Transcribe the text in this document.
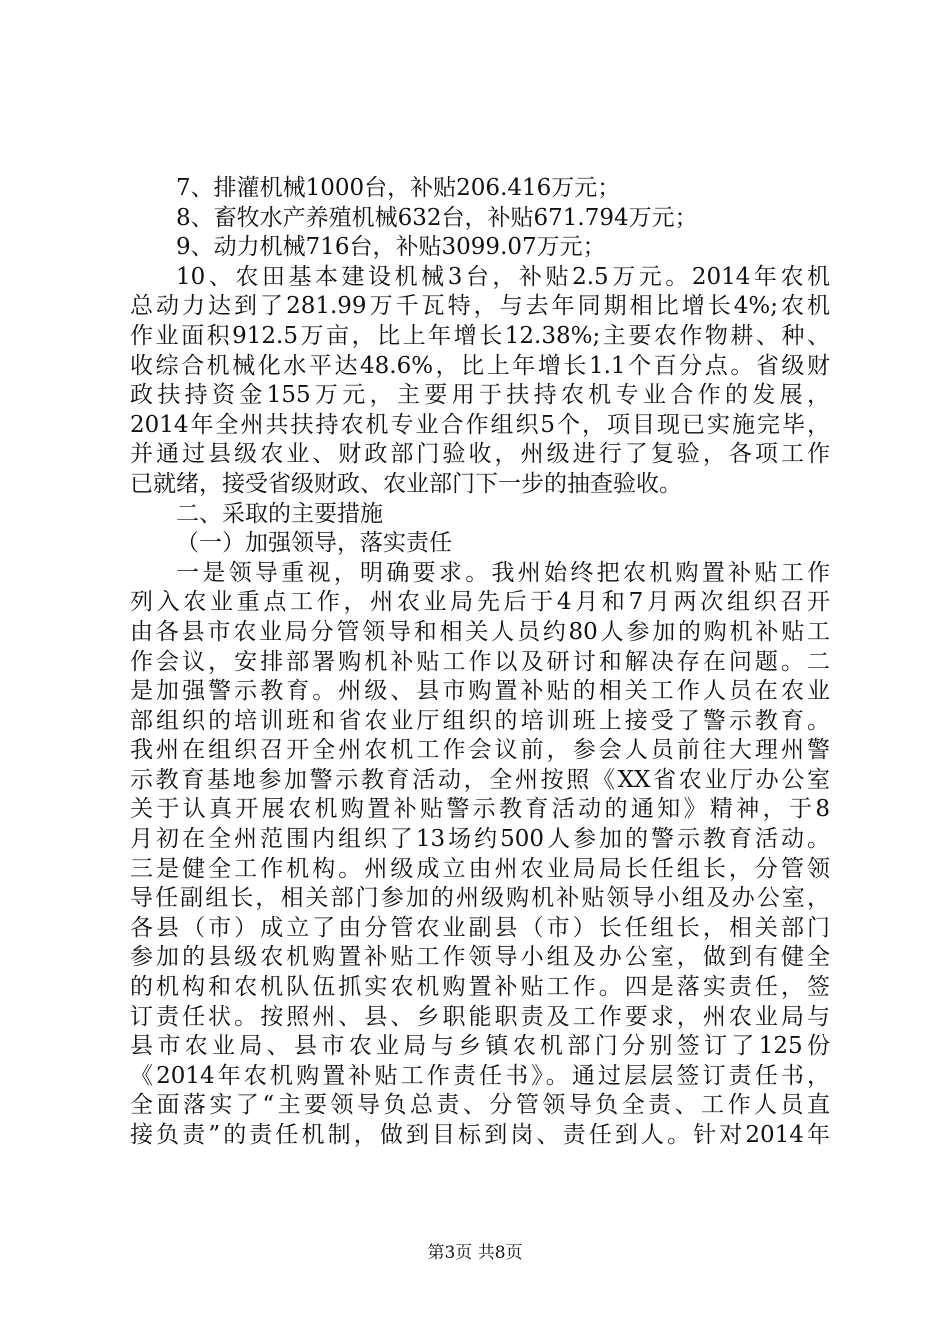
7、排灌机械1000台，补贴206.416万元；
8、畜牧水产养殖机械632台，补贴671.794万元；
9、动力机械716台，补贴3099.07万元；
10、农田基本建设机械3台，补贴2.5万元。2014年农机
总动力达到了281.99万千瓦特，与去年同期相比增长4%;农机
作业面积912.5万亩，比上年增长12.38%;主要农作物耕、种、
收综合机械化水平达48.6%，比上年增长1.1个百分点。省级财
政扶持资金155万元，主要用于扶持农机专业合作的发展，
2014年全州共扶持农机专业合作组织5个，项目现已实施完毕，
并通过县级农业、财政部门验收，州级进行了复验，各项工作
已就绪，接受省级财政、农业部门下一步的抽查验收。
二、采取的主要措施
（一）加强领导，落实责任
一是领导重视，明确要求。我州始终把农机购置补贴工作
列入农业重点工作，州农业局先后于4月和7月两次组织召开
由各县市农业局分管领导和相关人员约80人参加的购机补贴工
作会议，安排部署购机补贴工作以及研讨和解决存在问题。二
是加强警示教育。州级、县市购置补贴的相关工作人员在农业
部组织的培训班和省农业厅组织的培训班上接受了警示教育。
我州在组织召开全州农机工作会议前，参会人员前往大理州警
示教育基地参加警示教育活动，全州按照《XX省农业厅办公室
关于认真开展农机购置补贴警示教育活动的通知》精神，于8
月初在全州范围内组织了13场约500人参加的警示教育活动。
三是健全工作机构。州级成立由州农业局局长任组长，分管领
导任副组长，相关部门参加的州级购机补贴领导小组及办公室，
各县（市）成立了由分管农业副县（市）长任组长，相关部门
参加的县级农机购置补贴工作领导小组及办公室，做到有健全
的机构和农机队伍抓实农机购置补贴工作。四是落实责任，签
订责任状。按照州、县、乡职能职责及工作要求，州农业局与
县市农业局、县市农业局与乡镇农机部门分别签订了125份
《2014年农机购置补贴工作责任书》。通过层层签订责任书，
全面落实了“主要领导负总责、分管领导负全责、工作人员直
接负责”的责任机制，做到目标到岗、责任到人。针对2014年
第3页 共8页
